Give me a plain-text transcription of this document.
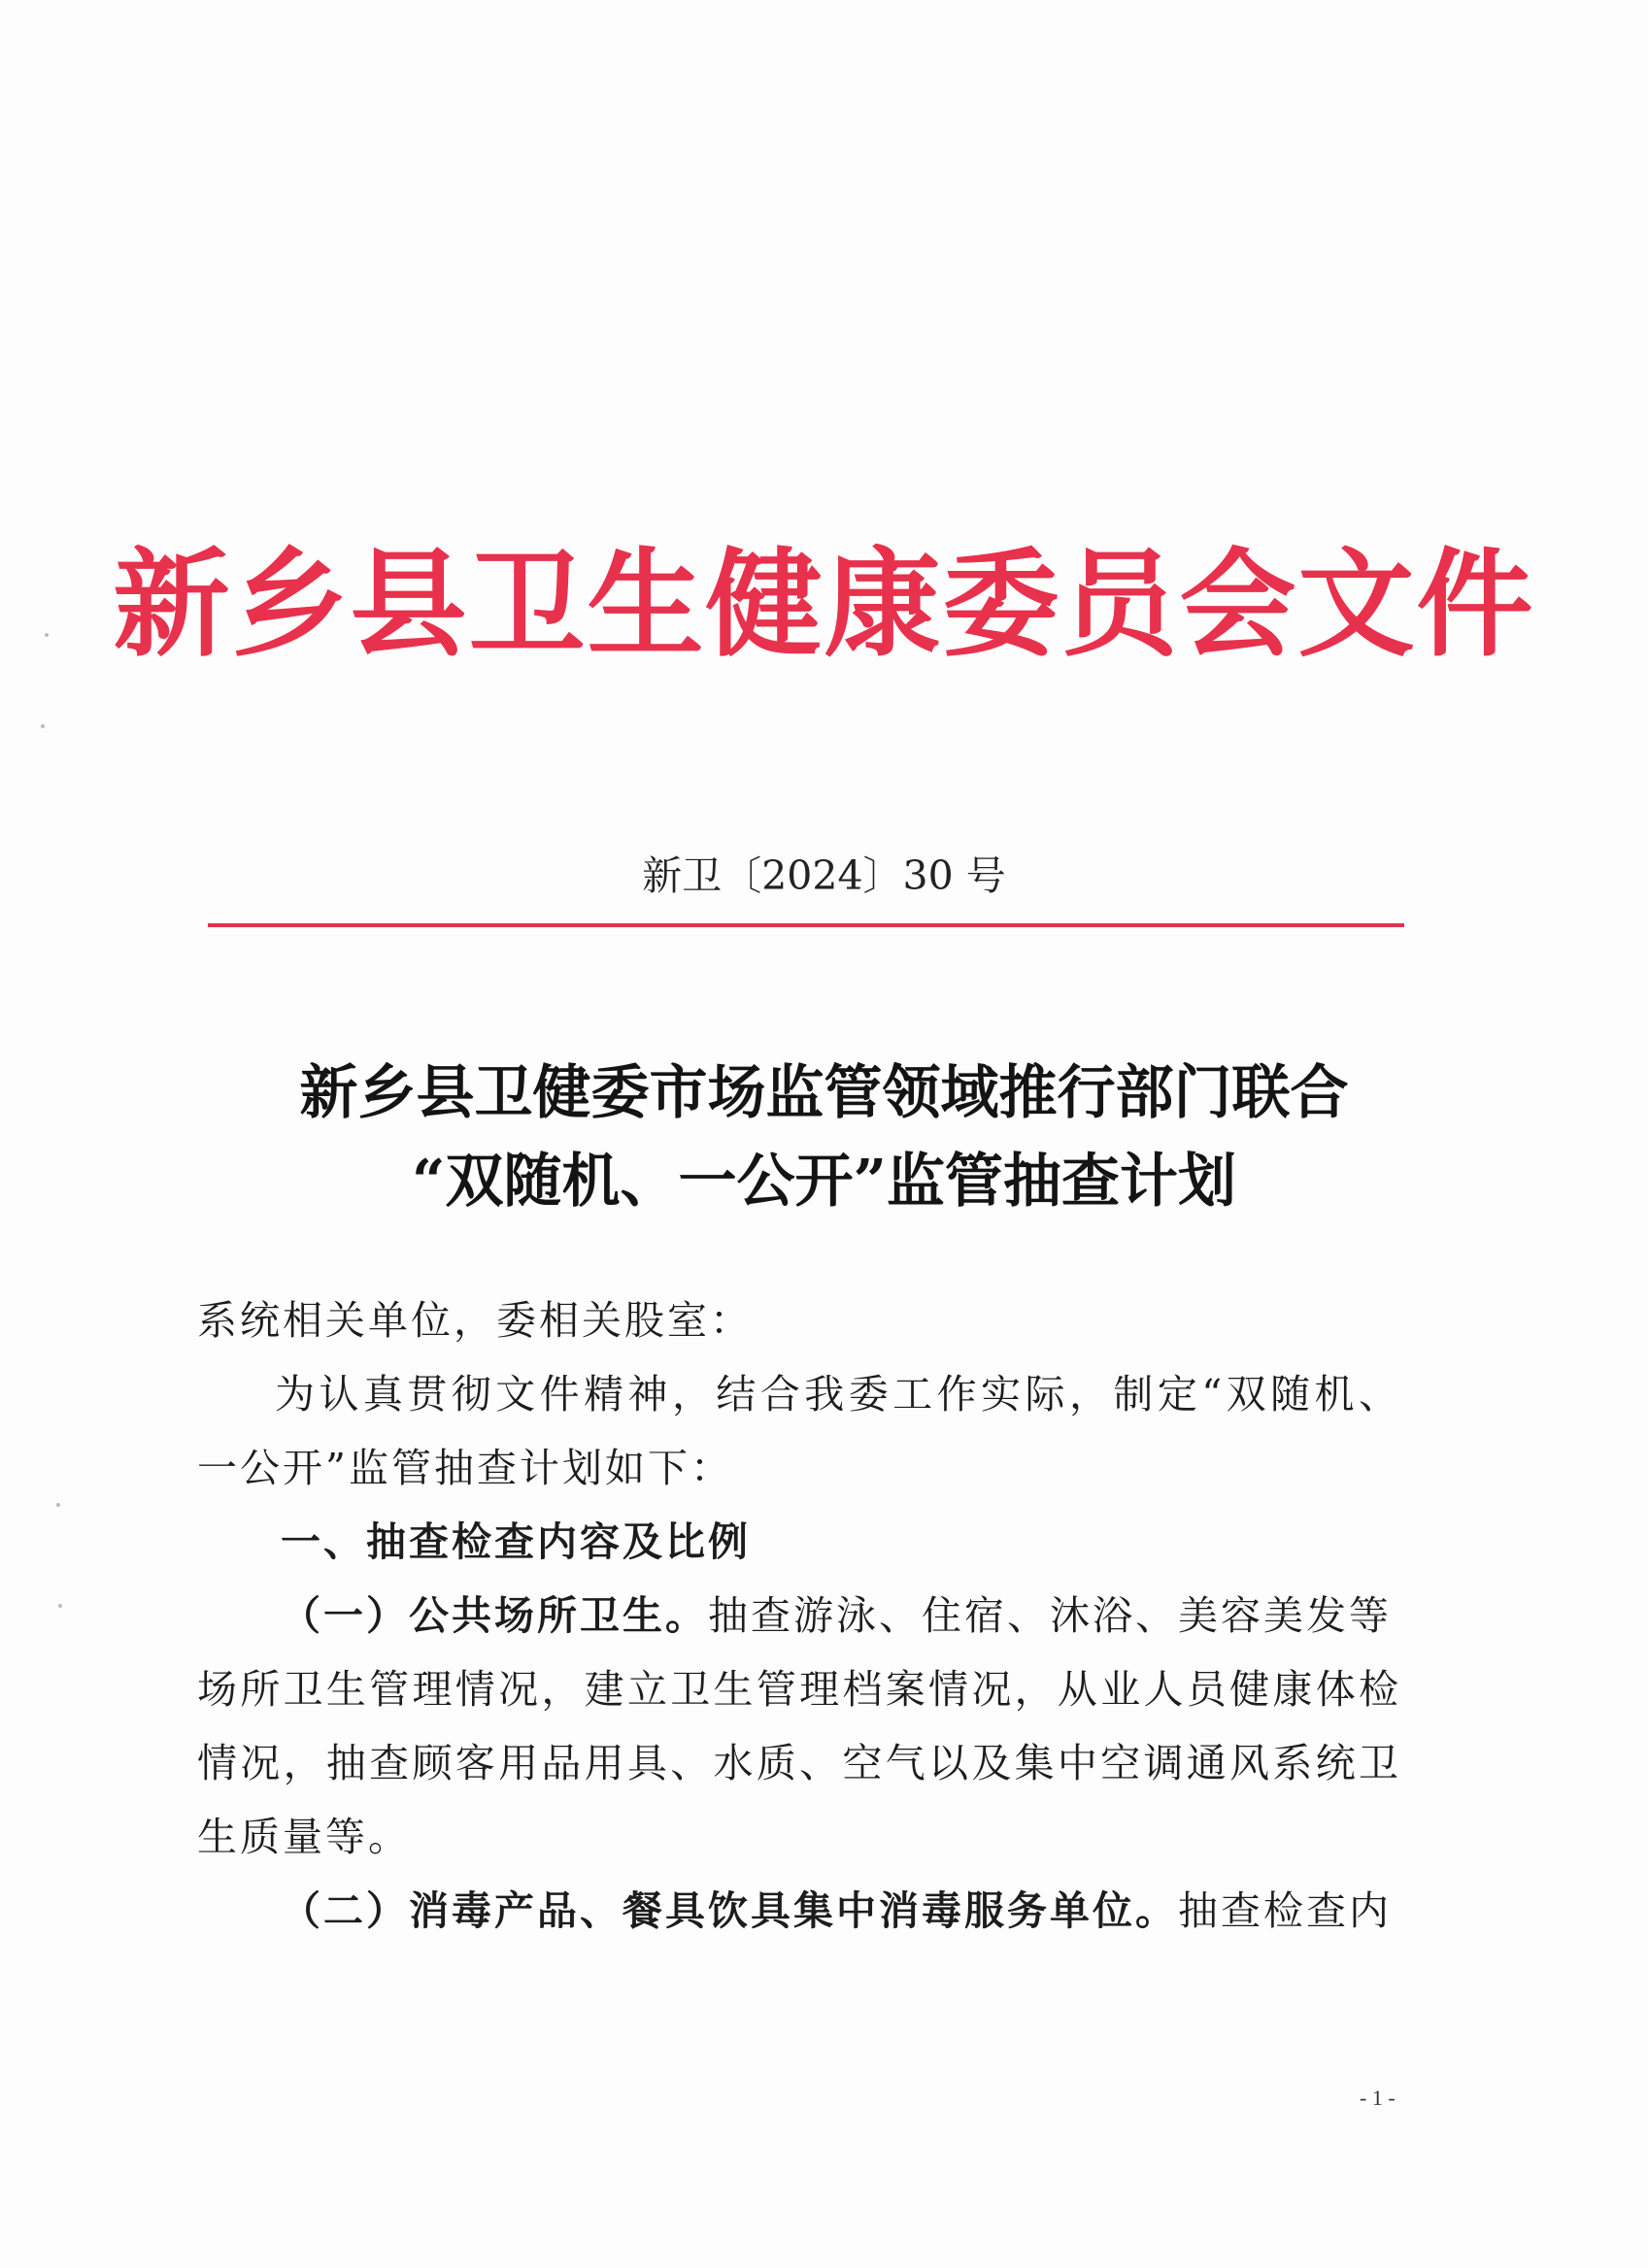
新乡县卫生健康委员会文件
新卫〔2024〕30 号
新乡县卫健委市场监管领域推行部门联合
“双随机、一公开”监管抽查计划
系统相关单位，委相关股室：
为认真贯彻文件精神，结合我委工作实际，制定“双随机、
一公开”监管抽查计划如下：
一、抽查检查内容及比例
（一）公共场所卫生。抽查游泳、住宿、沐浴、美容美发等
场所卫生管理情况，建立卫生管理档案情况，从业人员健康体检
情况，抽查顾客用品用具、水质、空气以及集中空调通风系统卫
生质量等。
（二）消毒产品、餐具饮具集中消毒服务单位。抽查检查内
- 1 -
